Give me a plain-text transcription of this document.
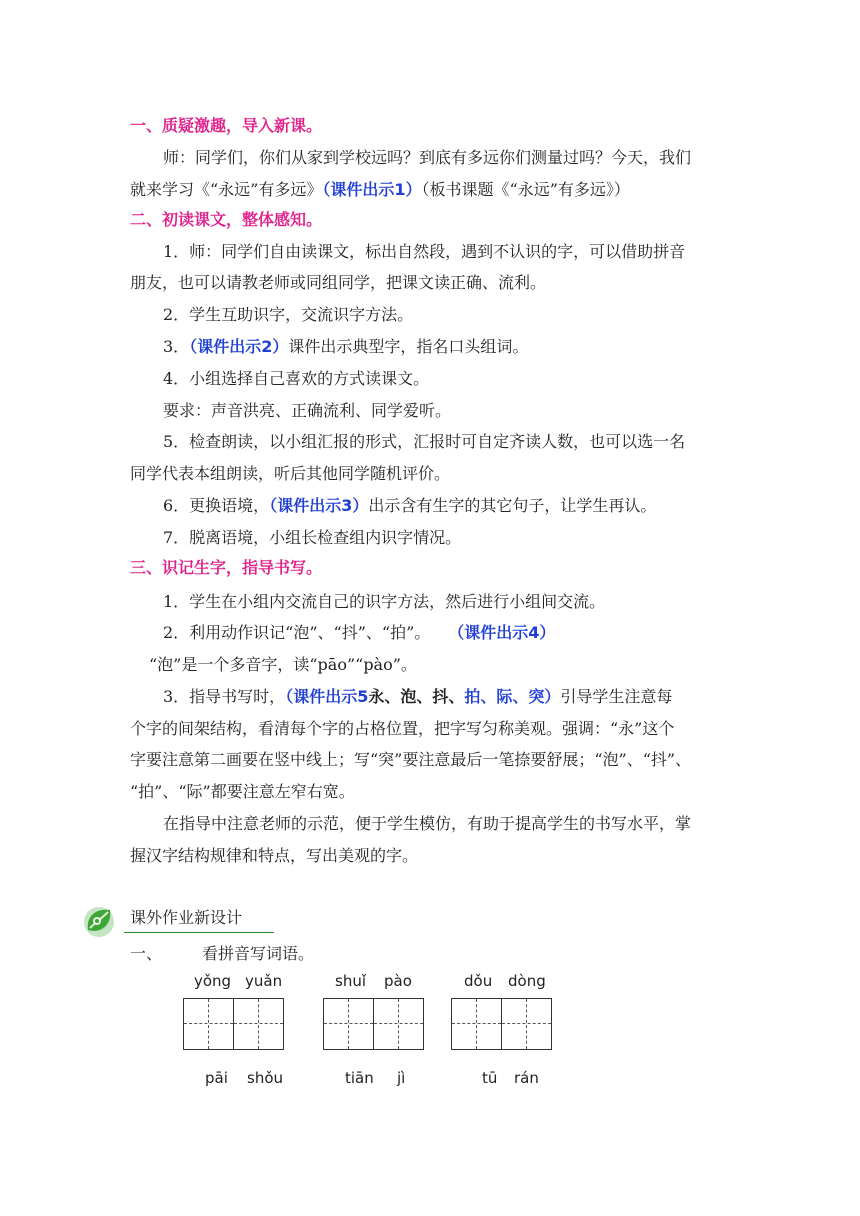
一、质疑激趣，导入新课。
师：同学们，你们从家到学校远吗？到底有多远你们测量过吗？今天，我们
就来学习《“永远”有多远》（课件出示1）（板书课题《“永远”有多远》）
二、初读课文，整体感知。
1．师：同学们自由读课文，标出自然段，遇到不认识的字，可以借助拼音
朋友，也可以请教老师或同组同学，把课文读正确、流利。
2．学生互助识字，交流识字方法。
3．（课件出示2）课件出示典型字，指名口头组词。
4．小组选择自己喜欢的方式读课文。
要求：声音洪亮、正确流利、同学爱听。
5．检查朗读，以小组汇报的形式，汇报时可自定齐读人数，也可以选一名
同学代表本组朗读，听后其他同学随机评价。
6．更换语境，（课件出示3）出示含有生字的其它句子，让学生再认。
7．脱离语境，小组长检查组内识字情况。
三、识记生字，指导书写。
1．学生在小组内交流自己的识字方法，然后进行小组间交流。
2．利用动作识记“泡”、“抖”、“拍”。 （课件出示4）
“泡”是一个多音字，读“pāo”“pào”。
3．指导书写时，（课件出示5永、泡、抖、拍、际、突）引导学生注意每
个字的间架结构，看清每个字的占格位置，把字写匀称美观。强调：“永”这个
字要注意第二画要在竖中线上；写“突”要注意最后一笔捺要舒展；“泡”、“抖”、
“拍”、“际”都要注意左窄右宽。
在指导中注意老师的示范，便于学生模仿，有助于提高学生的书写水平，掌
握汉字结构规律和特点，写出美观的字。
课外作业新设计
一、	看拼音写词语。
yǒng yuǎn	shuǐ pào	dǒu dòng
pāi shǒu	tiān jì	tū rán
